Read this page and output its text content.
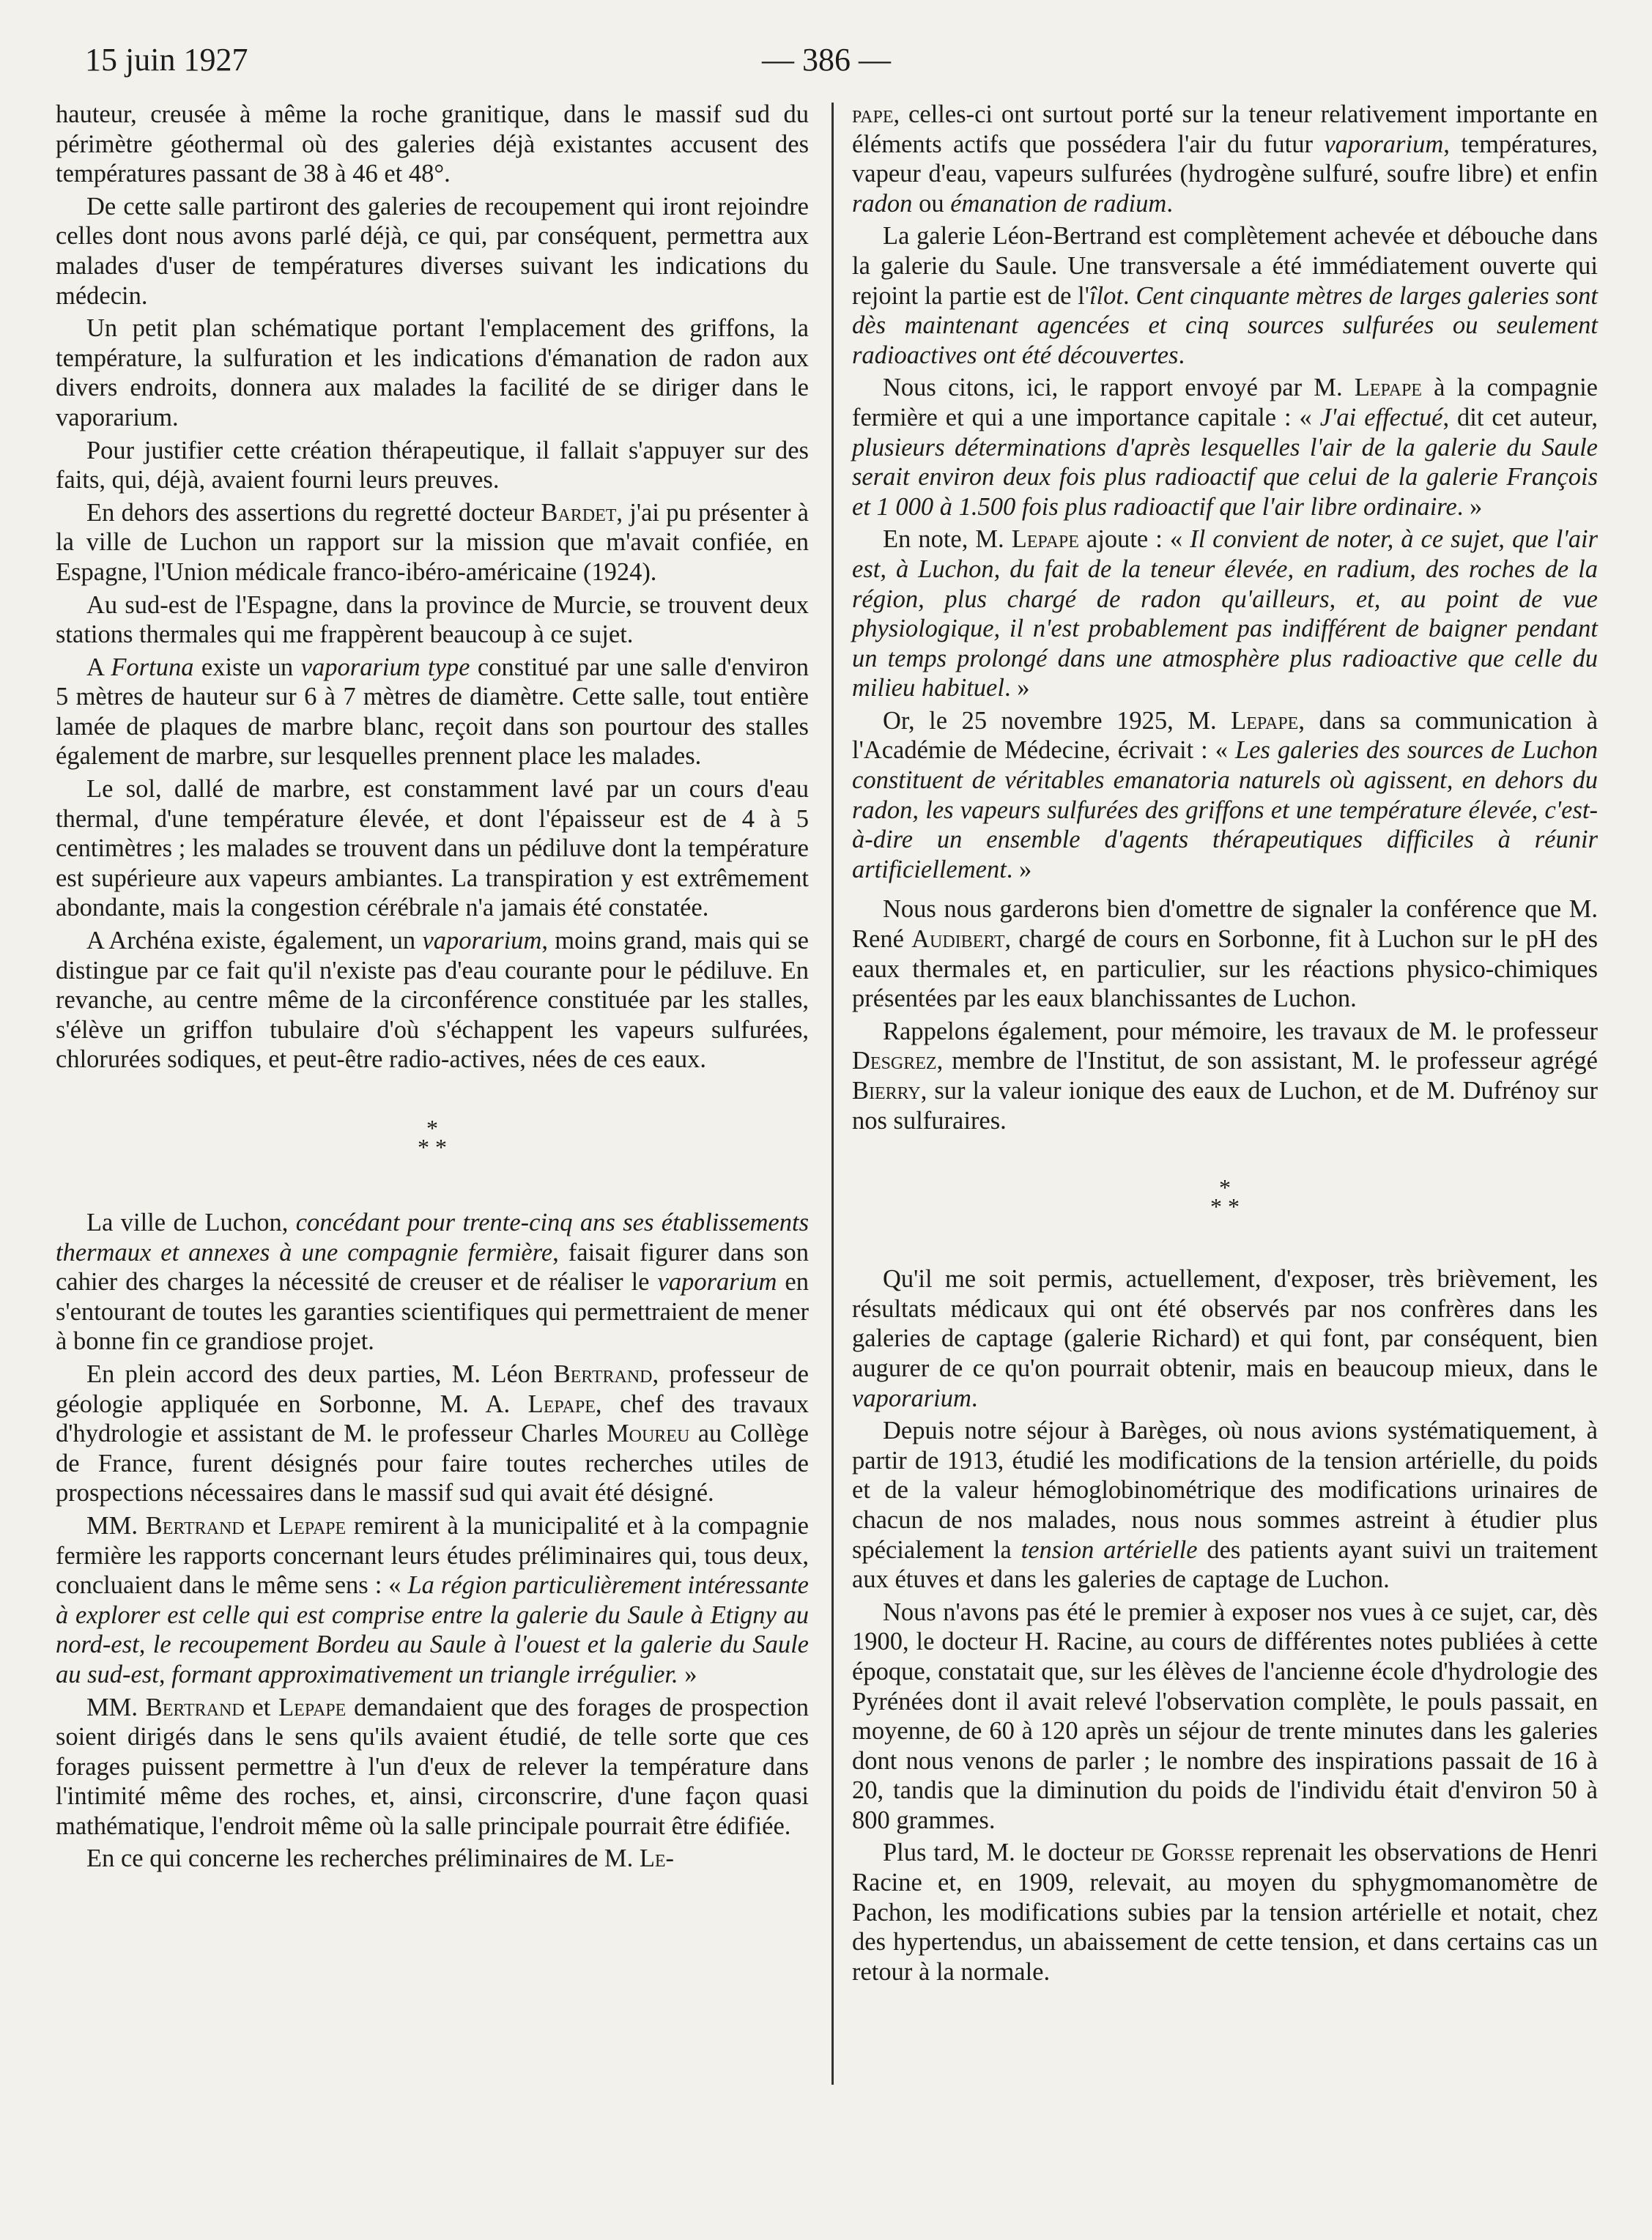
15 juin 1927	— 386 —

hauteur, creusée à même la roche granitique, dans le massif sud du périmètre géothermal où des galeries déjà existantes accusent des températures passant de 38 à 46 et 48°.

De cette salle partiront des galeries de recoupement qui iront rejoindre celles dont nous avons parlé déjà, ce qui, par conséquent, permettra aux malades d'user de températures diverses suivant les indications du médecin.

Un petit plan schématique portant l'emplacement des griffons, la température, la sulfuration et les indications d'émanation de radon aux divers endroits, donnera aux malades la facilité de se diriger dans le vaporarium.

Pour justifier cette création thérapeutique, il fallait s'appuyer sur des faits, qui, déjà, avaient fourni leurs preuves.

En dehors des assertions du regretté docteur Bardet, j'ai pu présenter à la ville de Luchon un rapport sur la mission que m'avait confiée, en Espagne, l'Union médicale franco-ibéro-américaine (1924).

Au sud-est de l'Espagne, dans la province de Murcie, se trouvent deux stations thermales qui me frappèrent beaucoup à ce sujet.

A Fortuna existe un vaporarium type constitué par une salle d'environ 5 mètres de hauteur sur 6 à 7 mètres de diamètre. Cette salle, tout entière lamée de plaques de marbre blanc, reçoit dans son pourtour des stalles également de marbre, sur lesquelles prennent place les malades.

Le sol, dallé de marbre, est constamment lavé par un cours d'eau thermal, d'une température élevée, et dont l'épaisseur est de 4 à 5 centimètres ; les malades se trouvent dans un pédiluve dont la température est supérieure aux vapeurs ambiantes. La transpiration y est extrêmement abondante, mais la congestion cérébrale n'a jamais été constatée.

A Archéna existe, également, un vaporarium, moins grand, mais qui se distingue par ce fait qu'il n'existe pas d'eau courante pour le pédiluve. En revanche, au centre même de la circonférence constituée par les stalles, s'élève un griffon tubulaire d'où s'échappent les vapeurs sulfurées, chlorurées sodiques, et peut-être radio-actives, nées de ces eaux.

*
* *

La ville de Luchon, concédant pour trente-cinq ans ses établissements thermaux et annexes à une compagnie fermière, faisait figurer dans son cahier des charges la nécessité de creuser et de réaliser le vaporarium en s'entourant de toutes les garanties scientifiques qui permettraient de mener à bonne fin ce grandiose projet.

En plein accord des deux parties, M. Léon Bertrand, professeur de géologie appliquée en Sorbonne, M. A. Lepape, chef des travaux d'hydrologie et assistant de M. le professeur Charles Moureu au Collège de France, furent désignés pour faire toutes recherches utiles de prospections nécessaires dans le massif sud qui avait été désigné.

MM. Bertrand et Lepape remirent à la municipalité et à la compagnie fermière les rapports concernant leurs études préliminaires qui, tous deux, concluaient dans le même sens : « La région particulièrement intéressante à explorer est celle qui est comprise entre la galerie du Saule à Etigny au nord-est, le recoupement Bordeu au Saule à l'ouest et la galerie du Saule au sud-est, formant approximativement un triangle irrégulier. »

MM. Bertrand et Lepape demandaient que des forages de prospection soient dirigés dans le sens qu'ils avaient étudié, de telle sorte que ces forages puissent permettre à l'un d'eux de relever la température dans l'intimité même des roches, et, ainsi, circonscrire, d'une façon quasi mathématique, l'endroit même où la salle principale pourrait être édifiée.

En ce qui concerne les recherches préliminaires de M. Le-

pape, celles-ci ont surtout porté sur la teneur relativement importante en éléments actifs que possédera l'air du futur vaporarium, températures, vapeur d'eau, vapeurs sulfurées (hydrogène sulfuré, soufre libre) et enfin radon ou émanation de radium.

La galerie Léon-Bertrand est complètement achevée et débouche dans la galerie du Saule. Une transversale a été immédiatement ouverte qui rejoint la partie est de l'îlot. Cent cinquante mètres de larges galeries sont dès maintenant agencées et cinq sources sulfurées ou seulement radioactives ont été découvertes.

Nous citons, ici, le rapport envoyé par M. Lepape à la compagnie fermière et qui a une importance capitale : « J'ai effectué, dit cet auteur, plusieurs déterminations d'après lesquelles l'air de la galerie du Saule serait environ deux fois plus radioactif que celui de la galerie François et 1 000 à 1.500 fois plus radioactif que l'air libre ordinaire. »

En note, M. Lepape ajoute : « Il convient de noter, à ce sujet, que l'air est, à Luchon, du fait de la teneur élevée, en radium, des roches de la région, plus chargé de radon qu'ailleurs, et, au point de vue physiologique, il n'est probablement pas indifférent de baigner pendant un temps prolongé dans une atmosphère plus radioactive que celle du milieu habituel. »

Or, le 25 novembre 1925, M. Lepape, dans sa communication à l'Académie de Médecine, écrivait : « Les galeries des sources de Luchon constituent de véritables emanatoria naturels où agissent, en dehors du radon, les vapeurs sulfurées des griffons et une température élevée, c'est-à-dire un ensemble d'agents thérapeutiques difficiles à réunir artificiellement. »

Nous nous garderons bien d'omettre de signaler la conférence que M. René Audibert, chargé de cours en Sorbonne, fit à Luchon sur le pH des eaux thermales et, en particulier, sur les réactions physico-chimiques présentées par les eaux blanchissantes de Luchon.

Rappelons également, pour mémoire, les travaux de M. le professeur Desgrez, membre de l'Institut, de son assistant, M. le professeur agrégé Bierry, sur la valeur ionique des eaux de Luchon, et de M. Dufrénoy sur nos sulfuraires.

*
* *

Qu'il me soit permis, actuellement, d'exposer, très brièvement, les résultats médicaux qui ont été observés par nos confrères dans les galeries de captage (galerie Richard) et qui font, par conséquent, bien augurer de ce qu'on pourrait obtenir, mais en beaucoup mieux, dans le vaporarium.

Depuis notre séjour à Barèges, où nous avions systématiquement, à partir de 1913, étudié les modifications de la tension artérielle, du poids et de la valeur hémoglobinométrique des modifications urinaires de chacun de nos malades, nous nous sommes astreint à étudier plus spécialement la tension artérielle des patients ayant suivi un traitement aux étuves et dans les galeries de captage de Luchon.

Nous n'avons pas été le premier à exposer nos vues à ce sujet, car, dès 1900, le docteur H. Racine, au cours de différentes notes publiées à cette époque, constatait que, sur les élèves de l'ancienne école d'hydrologie des Pyrénées dont il avait relevé l'observation complète, le pouls passait, en moyenne, de 60 à 120 après un séjour de trente minutes dans les galeries dont nous venons de parler ; le nombre des inspirations passait de 16 à 20, tandis que la diminution du poids de l'individu était d'environ 50 à 800 grammes.

Plus tard, M. le docteur de Gorsse reprenait les observations de Henri Racine et, en 1909, relevait, au moyen du sphygmomanomètre de Pachon, les modifications subies par la tension artérielle et notait, chez des hypertendus, un abaissement de cette tension, et dans certains cas un retour à la normale.
